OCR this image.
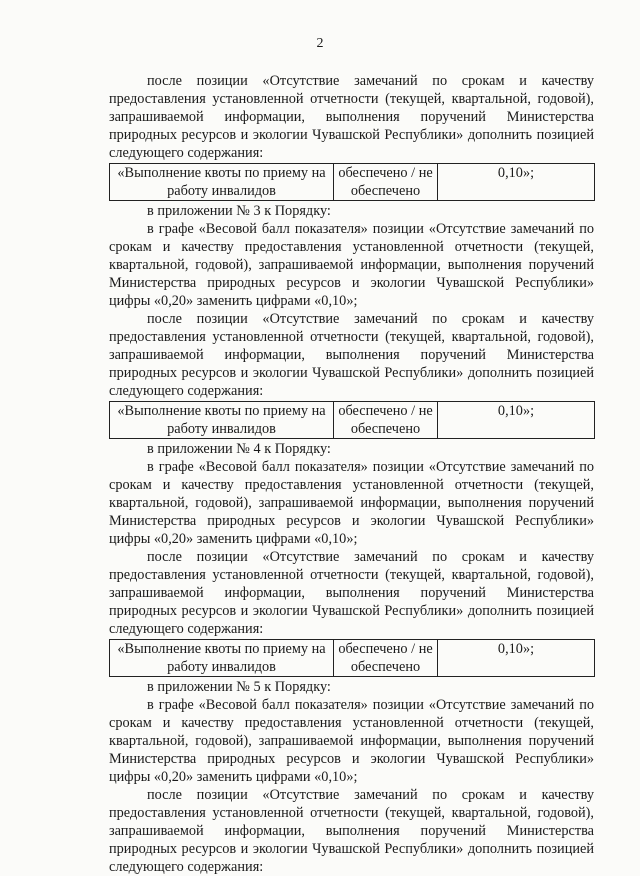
2

после позиции «Отсутствие замечаний по срокам и качеству предоставления установленной отчетности (текущей, квартальной, годовой), запрашиваемой информации, выполнения поручений Министерства природных ресурсов и экологии Чувашской Республики» дополнить позицией следующего содержания:

«Выполнение квоты по приему на работу инвалидов	обеспечено / не обеспечено	0,10»;

в приложении № 3 к Порядку:

в графе «Весовой балл показателя» позиции «Отсутствие замечаний по срокам и качеству предоставления установленной отчетности (текущей, квартальной, годовой), запрашиваемой информации, выполнения поручений Министерства природных ресурсов и экологии Чувашской Республики» цифры «0,20» заменить цифрами «0,10»;

после позиции «Отсутствие замечаний по срокам и качеству предоставления установленной отчетности (текущей, квартальной, годовой), запрашиваемой информации, выполнения поручений Министерства природных ресурсов и экологии Чувашской Республики» дополнить позицией следующего содержания:

«Выполнение квоты по приему на работу инвалидов	обеспечено / не обеспечено	0,10»;

в приложении № 4 к Порядку:

в графе «Весовой балл показателя» позиции «Отсутствие замечаний по срокам и качеству предоставления установленной отчетности (текущей, квартальной, годовой), запрашиваемой информации, выполнения поручений Министерства природных ресурсов и экологии Чувашской Республики» цифры «0,20» заменить цифрами «0,10»;

после позиции «Отсутствие замечаний по срокам и качеству предоставления установленной отчетности (текущей, квартальной, годовой), запрашиваемой информации, выполнения поручений Министерства природных ресурсов и экологии Чувашской Республики» дополнить позицией следующего содержания:

«Выполнение квоты по приему на работу инвалидов	обеспечено / не обеспечено	0,10»;

в приложении № 5 к Порядку:

в графе «Весовой балл показателя» позиции «Отсутствие замечаний по срокам и качеству предоставления установленной отчетности (текущей, квартальной, годовой), запрашиваемой информации, выполнения поручений Министерства природных ресурсов и экологии Чувашской Республики» цифры «0,20» заменить цифрами «0,10»;

после позиции «Отсутствие замечаний по срокам и качеству предоставления установленной отчетности (текущей, квартальной, годовой), запрашиваемой информации, выполнения поручений Министерства природных ресурсов и экологии Чувашской Республики» дополнить позицией следующего содержания:
